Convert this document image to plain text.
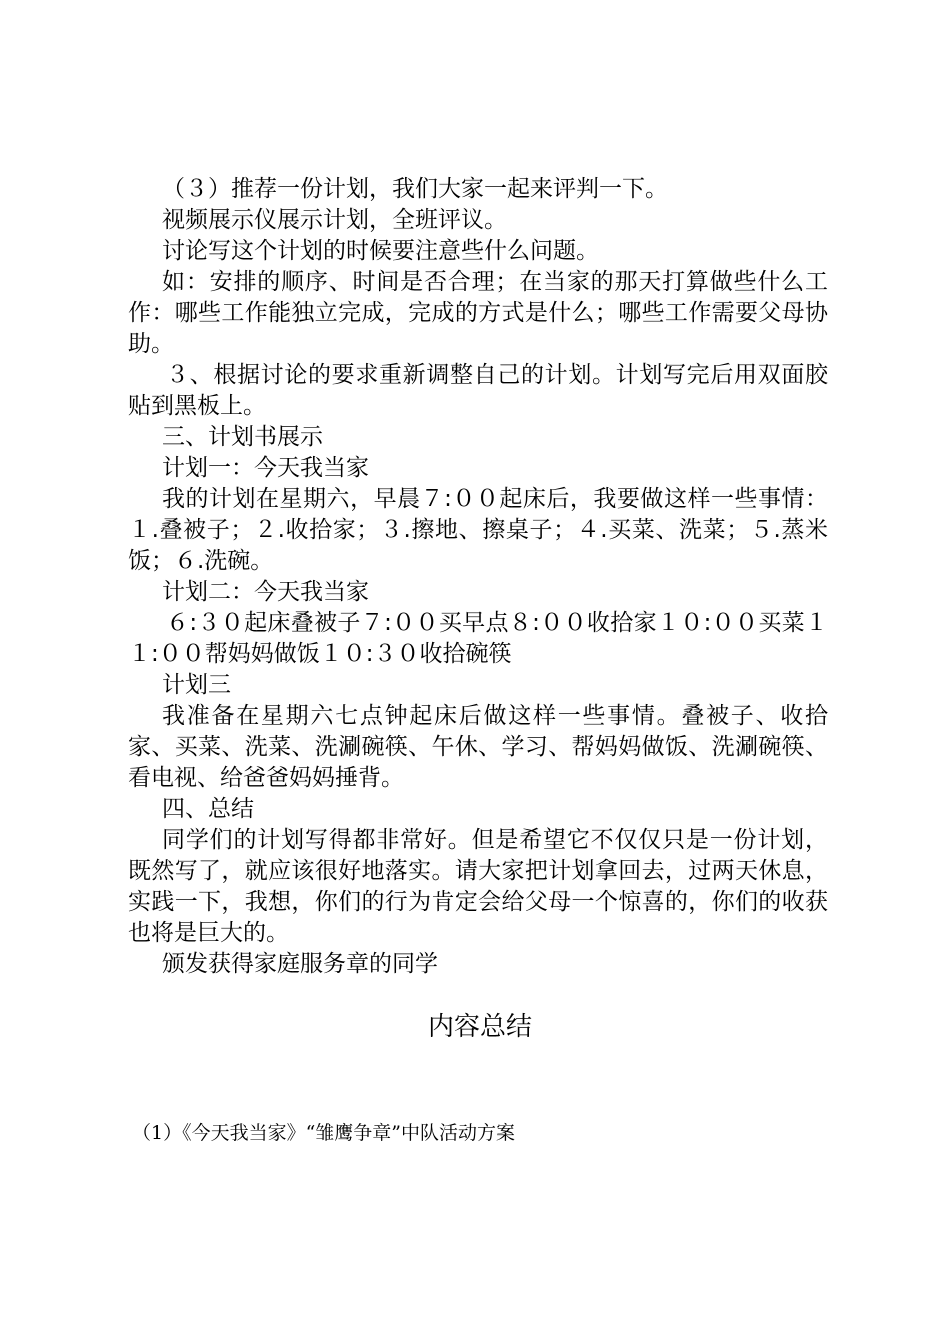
（３）推荐一份计划，我们大家一起来评判一下。

视频展示仪展示计划，全班评议。

讨论写这个计划的时候要注意些什么问题。

如：安排的顺序、时间是否合理；在当家的那天打算做些什么工作：哪些工作能独立完成，完成的方式是什么；哪些工作需要父母协助。

３、根据讨论的要求重新调整自己的计划。计划写完后用双面胶贴到黑板上。

三、计划书展示

计划一：今天我当家

我的计划在星期六，早晨７:００起床后，我要做这样一些事情：１.叠被子；２.收拾家；３.擦地、擦桌子；４.买菜、洗菜；５.蒸米饭；６.洗碗。

计划二：今天我当家

６:３０起床叠被子７:００买早点８:００收拾家１０:００买菜１１:００帮妈妈做饭１０:３０收拾碗筷

计划三

我准备在星期六七点钟起床后做这样一些事情。叠被子、收拾家、买菜、洗菜、洗涮碗筷、午休、学习、帮妈妈做饭、洗涮碗筷、看电视、给爸爸妈妈捶背。

四、总结

同学们的计划写得都非常好。但是希望它不仅仅只是一份计划，既然写了，就应该很好地落实。请大家把计划拿回去，过两天休息，实践一下，我想，你们的行为肯定会给父母一个惊喜的，你们的收获也将是巨大的。

颁发获得家庭服务章的同学

内容总结

（1）《今天我当家》“雏鹰争章”中队活动方案
